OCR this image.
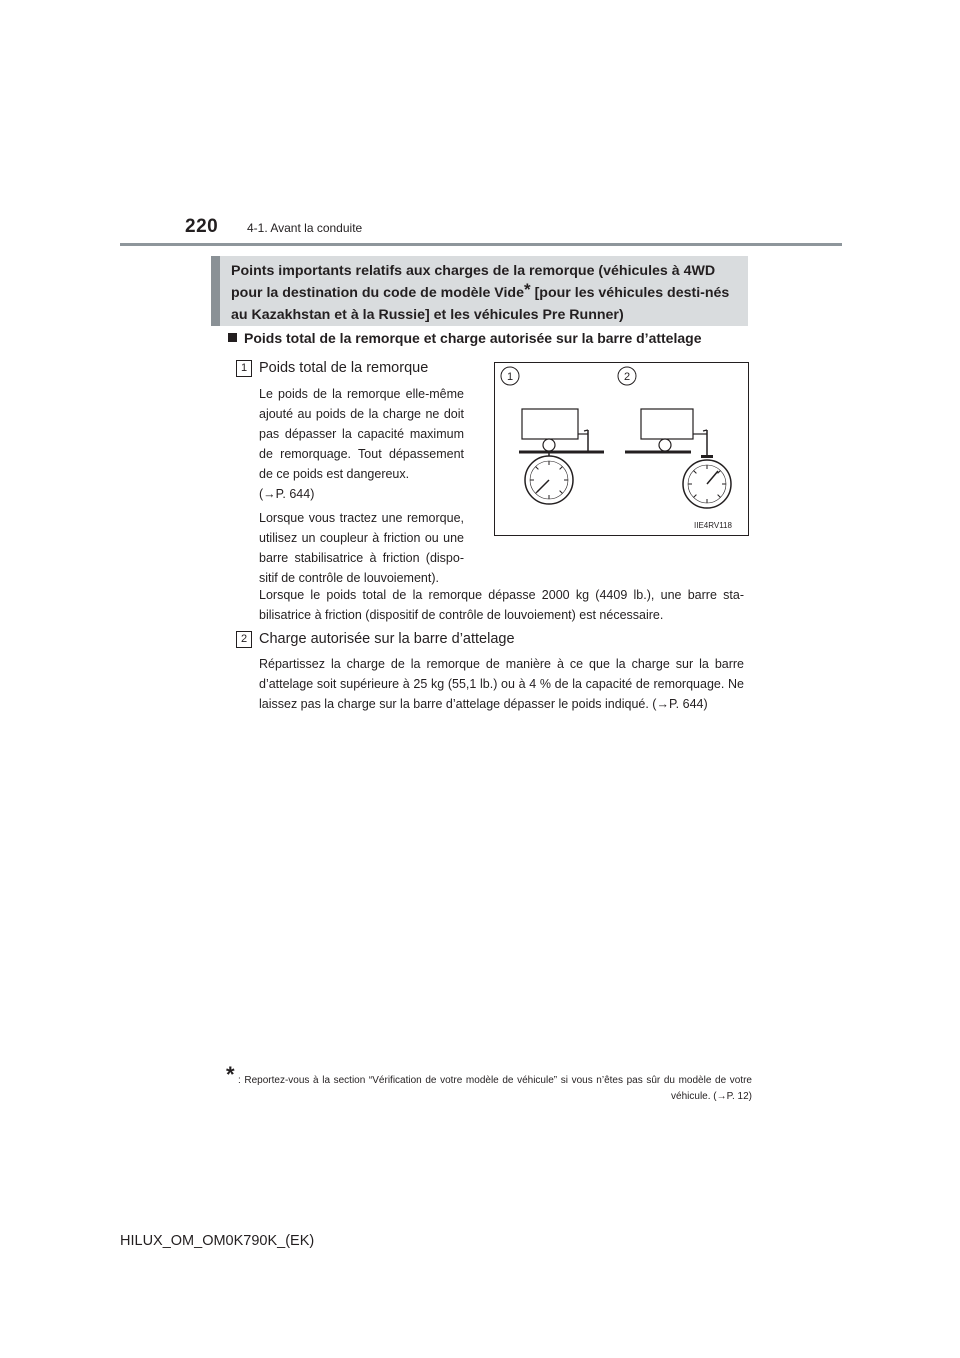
220 4-1. Avant la conduite
Points importants relatifs aux charges de la remorque (véhicules à 4WD pour la destination du code de modèle Vide* [pour les véhicules desti-nés au Kazakhstan et à la Russie] et les véhicules Pre Runner)
Poids total de la remorque et charge autorisée sur la barre d’attelage
1 Poids total de la remorque

Le poids de la remorque elle-même ajouté au poids de la charge ne doit pas dépasser la capacité maximum de remorquage. Tout dépassement de ce poids est dangereux.

(→P. 644)

Lorsque vous tractez une remorque, utilisez un coupleur à friction ou une barre stabilisatrice à friction (dispo-sitif de contrôle de louvoiement).

Lorsque le poids total de la remorque dépasse 2000 kg (4409 lb.), une barre sta-bilisatrice à friction (dispositif de contrôle de louvoiement) est nécessaire.
1	2
IIE4RV118
2 Charge autorisée sur la barre d’attelage
Répartissez la charge de la remorque de manière à ce que la charge sur la barre d’attelage soit supérieure à 25 kg (55,1 lb.) ou à 4 % de la capacité de remorquage. Ne laissez pas la charge sur la barre d’attelage dépasser le poids indiqué. (→P. 644)
* : Reportez-vous à la section “Vérification de votre modèle de véhicule” si vous n’êtes pas sûr du modèle de votre véhicule. (→P. 12)
HILUX_OM_OM0K790K_(EK)
